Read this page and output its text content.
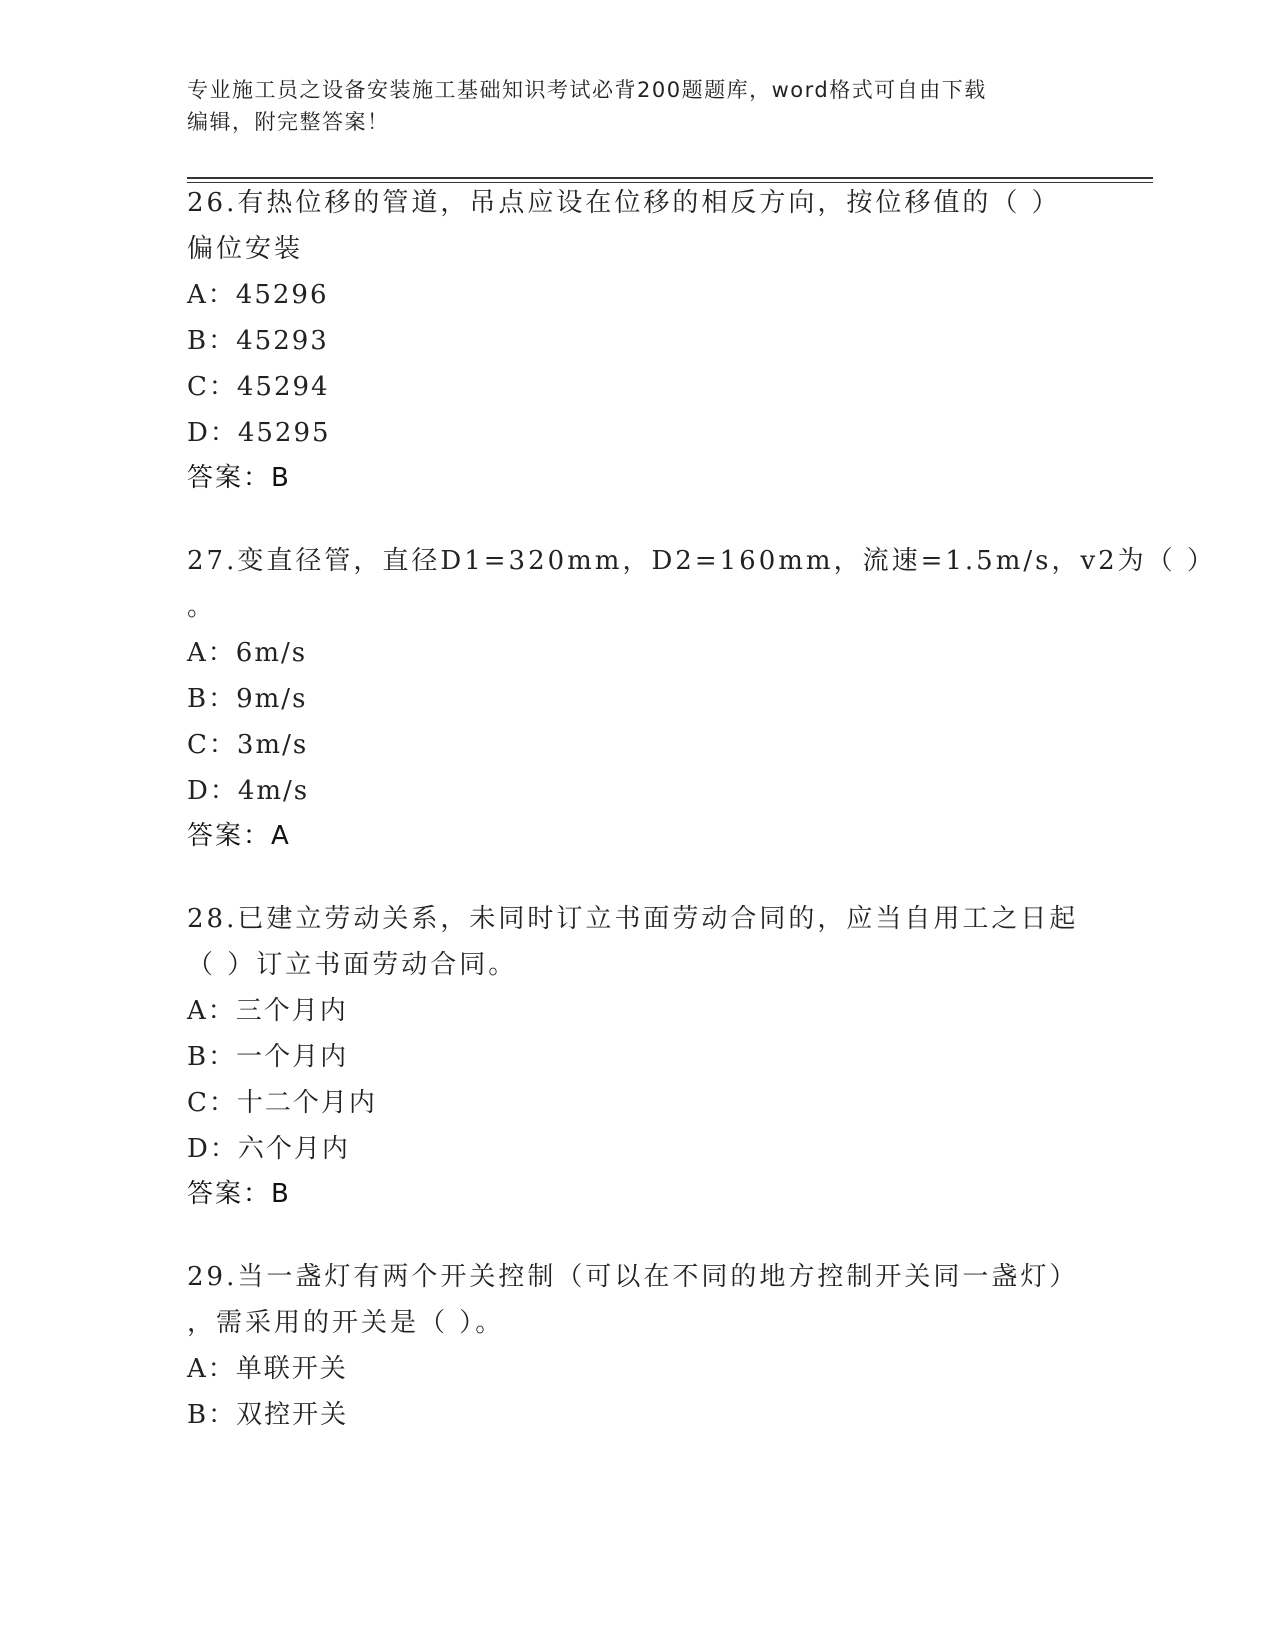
专业施工员之设备安装施工基础知识考试必背200题题库，word格式可自由下载
编辑，附完整答案！
26.有热位移的管道，吊点应设在位移的相反方向，按位移值的（ ）
偏位安装
A：45296
B：45293
C：45294
D：45295
答案：B
27.变直径管，直径D1=320mm，D2=160mm，流速=1.5m/s，v2为（ ）
。
A：6m/s
B：9m/s
C：3m/s
D：4m/s
答案：A
28.已建立劳动关系，未同时订立书面劳动合同的，应当自用工之日起
（ ）订立书面劳动合同。
A：三个月内
B：一个月内
C：十二个月内
D：六个月内
答案：B
29.当一盏灯有两个开关控制（可以在不同的地方控制开关同一盏灯）
，需采用的开关是（ ）。
A：单联开关
B：双控开关
